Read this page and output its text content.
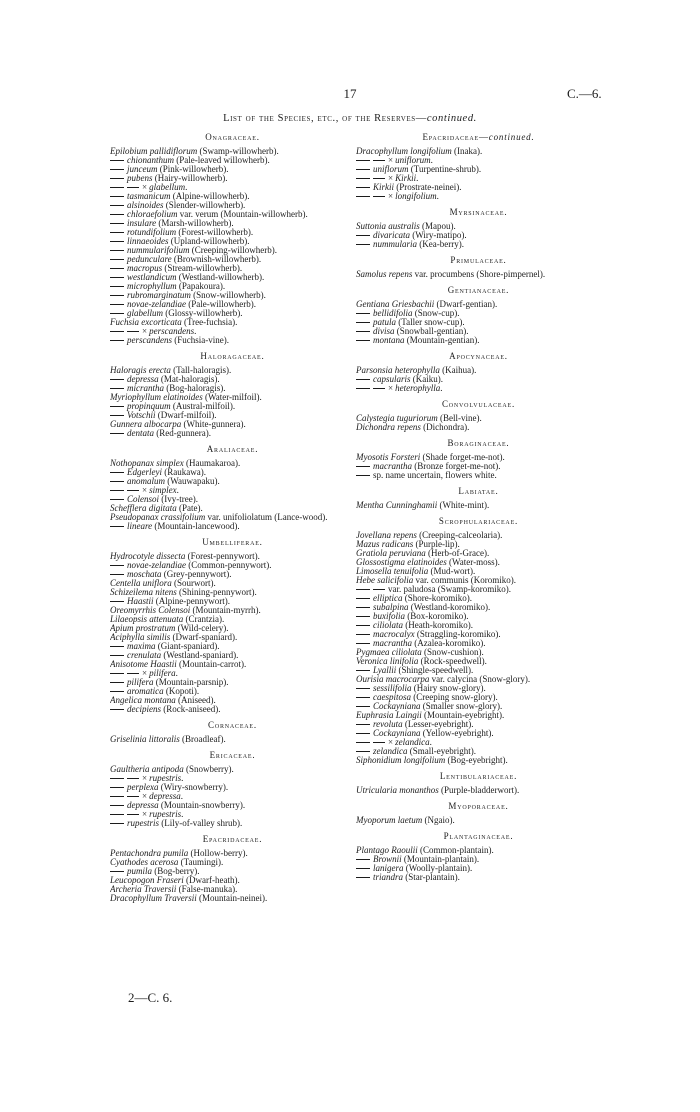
17	C.—6.
List of the Species, etc., of the Reserves—continued.
Onagraceae.
Epilobium pallidiflorum (Swamp-willowherb).
chionanthum (Pale-leaved willowherb).
junceum (Pink-willowherb).
pubens (Hairy-willowherb).
× glabellum.
tasmanicum (Alpine-willowherb).
alsinoides (Slender-willowherb).
chloraefolium var. verum (Mountain-willowherb).
insulare (Marsh-willowherb).
rotundifolium (Forest-willowherb).
linnaeoides (Upland-willowherb).
nummularifolium (Creeping-willowherb).
pedunculare (Brownish-willowherb).
macropus (Stream-willowherb).
westlandicum (Westland-willowherb).
microphyllum (Papakoura).
rubromarginatum (Snow-willowherb).
novae-zelandiae (Pale-willowherb).
glabellum (Glossy-willowherb).
Fuchsia excorticata (Tree-fuchsia).
× perscandens.
perscandens (Fuchsia-vine).
Haloragaceae.
Haloragis erecta (Tall-haloragis).
depressa (Mat-haloragis).
micrantha (Bog-haloragis).
Myriophyllum elatinoides (Water-milfoil).
propinquum (Austral-milfoil).
Votschii (Dwarf-milfoil).
Gunnera albocarpa (White-gunnera).
dentata (Red-gunnera).
Araliaceae.
Nothopanax simplex (Haumakaroa).
Edgerleyi (Raukawa).
anomalum (Wauwapaku).
× simplex.
Colensoi (Ivy-tree).
Schefflera digitata (Pate).
Pseudopanax crassifolium var. unifoliolatum (Lance-wood).
lineare (Mountain-lancewood).
Umbelliferae.
Hydrocotyle dissecta (Forest-pennywort).
novae-zelandiae (Common-pennywort).
moschata (Grey-pennywort).
Centella uniflora (Sourwort).
Schizeilema nitens (Shining-pennywort).
Haastii (Alpine-pennywort).
Oreomyrrhis Colensoi (Mountain-myrrh).
Lilaeopsis attenuata (Crantzia).
Apium prostratum (Wild-celery).
Aciphylla similis (Dwarf-spaniard).
maxima (Giant-spaniard).
crenulata (Westland-spaniard).
Anisotome Haastii (Mountain-carrot).
× pilifera.
pilifera (Mountain-parsnip).
aromatica (Kopoti).
Angelica montana (Aniseed).
decipiens (Rock-aniseed).
Cornaceae.
Griselinia littoralis (Broadleaf).
Ericaceae.
Gaultheria antipoda (Snowberry).
× rupestris.
perplexa (Wiry-snowberry).
× depressa.
depressa (Mountain-snowberry).
× rupestris.
rupestris (Lily-of-valley shrub).
Epacridaceae.
Pentachondra pumila (Hollow-berry).
Cyathodes acerosa (Taumingi).
pumila (Bog-berry).
Leucopogon Fraseri (Dwarf-heath).
Archeria Traversii (False-manuka).
Dracophyllum Traversii (Mountain-neinei).
Epacridaceae—continued.
Dracophyllum longifolium (Inaka).
× uniflorum.
uniflorum (Turpentine-shrub).
× Kirkii.
Kirkii (Prostrate-neinei).
× longifolium.
Myrsinaceae.
Suttonia australis (Mapou).
divaricata (Wiry-matipo).
nummularia (Kea-berry).
Primulaceae.
Samolus repens var. procumbens (Shore-pimpernel).
Gentianaceae.
Gentiana Griesbachii (Dwarf-gentian).
bellidifolia (Snow-cup).
patula (Taller snow-cup).
divisa (Snowball-gentian).
montana (Mountain-gentian).
Apocynaceae.
Parsonsia heterophylla (Kaihua).
capsularis (Kaiku).
× heterophylla.
Convolvulaceae.
Calystegia tuguriorum (Bell-vine).
Dichondra repens (Dichondra).
Boraginaceae.
Myosotis Forsteri (Shade forget-me-not).
macrantha (Bronze forget-me-not).
sp. name uncertain, flowers white.
Labiatae.
Mentha Cunninghamii (White-mint).
Scrophulariaceae.
Jovellana repens (Creeping-calceolaria).
Mazus radicans (Purple-lip).
Gratiola peruviana (Herb-of-Grace).
Glossostigma elatinoides (Water-moss).
Limosella tenuifolia (Mud-wort).
Hebe salicifolia var. communis (Koromiko).
var. paludosa (Swamp-koromiko).
elliptica (Shore-koromiko).
subalpina (Westland-koromiko).
buxifolia (Box-koromiko).
ciliolata (Heath-koromiko).
macrocalyx (Straggling-koromiko).
macrantha (Azalea-koromiko).
Pygmaea ciliolata (Snow-cushion).
Veronica linifolia (Rock-speedwell).
Lyallii (Shingle-speedwell).
Ourisia macrocarpa var. calycina (Snow-glory).
sessilifolia (Hairy snow-glory).
caespitosa (Creeping snow-glory).
Cockayniana (Smaller snow-glory).
Euphrasia Laingii (Mountain-eyebright).
revoluta (Lesser-eyebright).
Cockayniana (Yellow-eyebright).
× zelandica.
zelandica (Small-eyebright).
Siphonidium longifolium (Bog-eyebright).
Lentibulariaceae.
Utricularia monanthos (Purple-bladderwort).
Myoporaceae.
Myoporum laetum (Ngaio).
Plantaginaceae.
Plantago Raoulii (Common-plantain).
Brownii (Mountain-plantain).
lanigera (Woolly-plantain).
triandra (Star-plantain).
2—C. 6.
